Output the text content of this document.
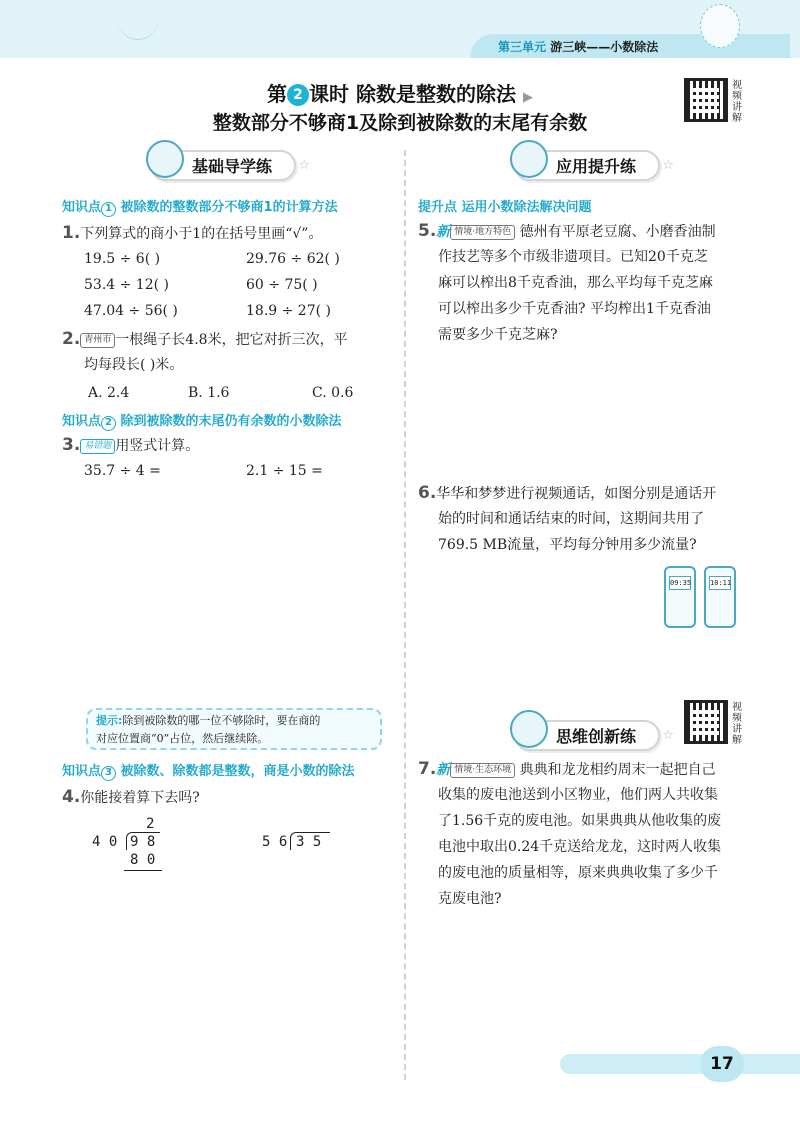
第三单元 游三峡——小数除法
第 2 课时 除数是整数的除法 ▶
整数部分不够商1及除到被除数的末尾有余数
视频讲解
视频讲解
基础导学练 ☆
知识点 1 被除数的整数部分不够商1的计算方法
1.下列算式的商小于1的在括号里画“√”。
19.5 ÷ 6( )	29.76 ÷ 62( )
53.4 ÷ 12( )	60 ÷ 75( )
47.04 ÷ 56( )	18.9 ÷ 27( )
2. 青州市 一根绳子长4.8米，把它对折三次，平
均每段长( )米。
A. 2.4	B. 1.6	C. 0.6
知识点 2 除到被除数的末尾仍有余数的小数除法
3. 易错题 用竖式计算。
35.7 ÷ 4 =	2.1 ÷ 15 =
提示:除到被除数的哪一位不够除时，要在商的
对应位置商“0”占位，然后继续除。
知识点 3 被除数、除数都是整数，商是小数的除法
4.你能接着算下去吗?
2
4 0 9 8
8 0
5 6 3 5
应用提升练 ☆
提升点 运用小数除法解决问题
5.新 情境·地方特色 德州有平原老豆腐、小磨香油制
作技艺等多个市级非遗项目。已知20千克芝
麻可以榨出8千克香油，那么平均每千克芝麻
可以榨出多少千克香油? 平均榨出1千克香油
需要多少千克芝麻?
6.华华和梦梦进行视频通话，如图分别是通话开
始的时间和通话结束的时间，这期间共用了
769.5 MB流量，平均每分钟用多少流量?
09:35	10:11
思维创新练 ☆
7.新 情境·生态环境 典典和龙龙相约周末一起把自己
收集的废电池送到小区物业，他们两人共收集
了1.56千克的废电池。如果典典从他收集的废
电池中取出0.24千克送给龙龙，这时两人收集
的废电池的质量相等，原来典典收集了多少千
克废电池?
17
